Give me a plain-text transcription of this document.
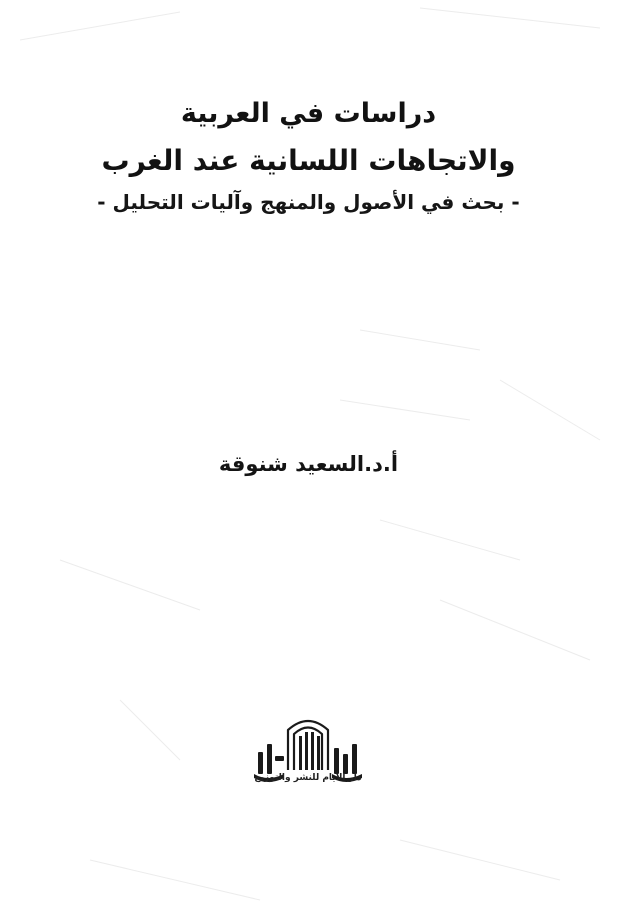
دراسات في العربية
والاتجاهات اللسانية عند الغرب
- بحث في الأصول والمنهج وآليات التحليل -
أ.د.السعيد شنوقة
دار الأيام للنشر والتوزيع
